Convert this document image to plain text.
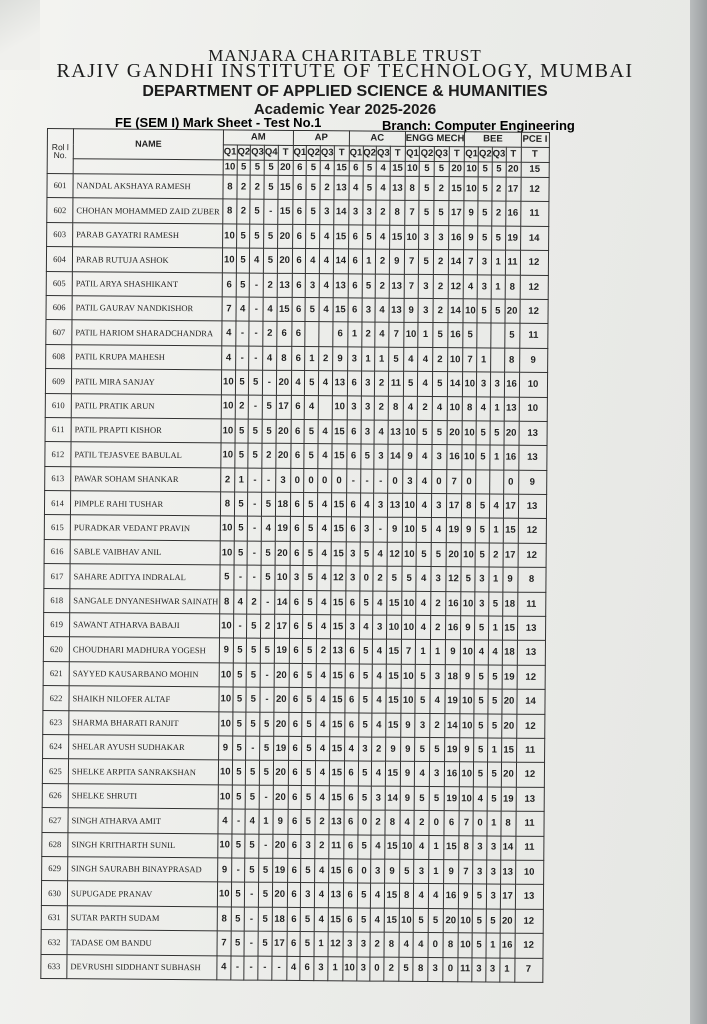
MANJARA CHARITABLE TRUST
RAJIV GANDHI INSTITUTE OF TECHNOLOGY, MUMBAI
DEPARTMENT OF APPLIED SCIENCE & HUMANITIES
Academic Year 2025-2026
FE (SEM I) Mark Sheet - Test No.1	Branch: Computer Engineering
Rol l No.	NAME	AM					AP				AC				ENGG MECH				BEE				PCE I
		Q1	Q2	Q3	Q4	T	Q1	Q2	Q3	T	Q1	Q2	Q3	T	Q1	Q2	Q3	T	Q1	Q2	Q3	T	T
		10	5	5	5	20	6	5	4	15	6	5	4	15	10	5	5	20	10	5	5	20	15
601	NANDAL AKSHAYA RAMESH	8	2	2	5	15	6	5	2	13	4	5	4	13	8	5	2	15	10	5	2	17	12
602	CHOHAN MOHAMMED ZAID ZUBER	8	2	5	-	15	6	5	3	14	3	3	2	8	7	5	5	17	9	5	2	16	11
603	PARAB GAYATRI RAMESH	10	5	5	5	20	6	5	4	15	6	5	4	15	10	3	3	16	9	5	5	19	14
604	PARAB RUTUJA ASHOK	10	5	4	5	20	6	4	4	14	6	1	2	9	7	5	2	14	7	3	1	11	12
605	PATIL ARYA SHASHIKANT	6	5	-	2	13	6	3	4	13	6	5	2	13	7	3	2	12	4	3	1	8	12
606	PATIL GAURAV NANDKISHOR	7	4	-	4	15	6	5	4	15	6	3	4	13	9	3	2	14	10	5	5	20	12
607	PATIL HARIOM SHARADCHANDRA	4	-	-	2	6	6			6	1	2	4	7	10	1	5	16	5			5	11
608	PATIL KRUPA MAHESH	4	-	-	4	8	6	1	2	9	3	1	1	5	4	4	2	10	7	1		8	9
609	PATIL MIRA SANJAY	10	5	5	-	20	4	5	4	13	6	3	2	11	5	4	5	14	10	3	3	16	10
610	PATIL PRATIK ARUN	10	2	-	5	17	6	4		10	3	3	2	8	4	2	4	10	8	4	1	13	10
611	PATIL PRAPTI KISHOR	10	5	5	5	20	6	5	4	15	6	3	4	13	10	5	5	20	10	5	5	20	13
612	PATIL TEJASVEE BABULAL	10	5	5	2	20	6	5	4	15	6	5	3	14	9	4	3	16	10	5	1	16	13
613	PAWAR SOHAM SHANKAR	2	1	-	-	3	0	0	0	0	-	-	-	0	3	4	0	7	0			0	9
614	PIMPLE RAHI TUSHAR	8	5	-	5	18	6	5	4	15	6	4	3	13	10	4	3	17	8	5	4	17	13
615	PURADKAR VEDANT PRAVIN	10	5	-	4	19	6	5	4	15	6	3	-	9	10	5	4	19	9	5	1	15	12
616	SABLE VAIBHAV ANIL	10	5	-	5	20	6	5	4	15	3	5	4	12	10	5	5	20	10	5	2	17	12
617	SAHARE ADITYA INDRALAL	5	-	-	5	10	3	5	4	12	3	0	2	5	5	4	3	12	5	3	1	9	8
618	SANGALE DNYANESHWAR SAINATH	8	4	2	-	14	6	5	4	15	6	5	4	15	10	4	2	16	10	3	5	18	11
619	SAWANT ATHARVA BABAJI	10	-	5	2	17	6	5	4	15	3	4	3	10	10	4	2	16	9	5	1	15	13
620	CHOUDHARI MADHURA YOGESH	9	5	5	5	19	6	5	2	13	6	5	4	15	7	1	1	9	10	4	4	18	13
621	SAYYED KAUSARBANO MOHIN	10	5	5	-	20	6	5	4	15	6	5	4	15	10	5	3	18	9	5	5	19	12
622	SHAIKH NILOFER ALTAF	10	5	5	-	20	6	5	4	15	6	5	4	15	10	5	4	19	10	5	5	20	14
623	SHARMA BHARATI RANJIT	10	5	5	5	20	6	5	4	15	6	5	4	15	9	3	2	14	10	5	5	20	12
624	SHELAR AYUSH SUDHAKAR	9	5	-	5	19	6	5	4	15	4	3	2	9	9	5	5	19	9	5	1	15	11
625	SHELKE ARPITA SANRAKSHAN	10	5	5	5	20	6	5	4	15	6	5	4	15	9	4	3	16	10	5	5	20	12
626	SHELKE SHRUTI	10	5	5	-	20	6	5	4	15	6	5	3	14	9	5	5	19	10	4	5	19	13
627	SINGH ATHARVA AMIT	4	-	4	1	9	6	5	2	13	6	0	2	8	4	2	0	6	7	0	1	8	11
628	SINGH KRITHARTH SUNIL	10	5	5	-	20	6	3	2	11	6	5	4	15	10	4	1	15	8	3	3	14	11
629	SINGH SAURABH BINAYPRASAD	9	-	5	5	19	6	5	4	15	6	0	3	9	5	3	1	9	7	3	3	13	10
630	SUPUGADE PRANAV	10	5	-	5	20	6	3	4	13	6	5	4	15	8	4	4	16	9	5	3	17	13
631	SUTAR PARTH SUDAM	8	5	-	5	18	6	5	4	15	6	5	4	15	10	5	5	20	10	5	5	20	12
632	TADASE OM BANDU	7	5	-	5	17	6	5	1	12	3	3	2	8	4	4	0	8	10	5	1	16	12
633	DEVRUSHI SIDDHANT SUBHASH	4	-	-	-	-	4	6	3	1	10	3	0	2	5	8	3	0	11	3	3	1	7
